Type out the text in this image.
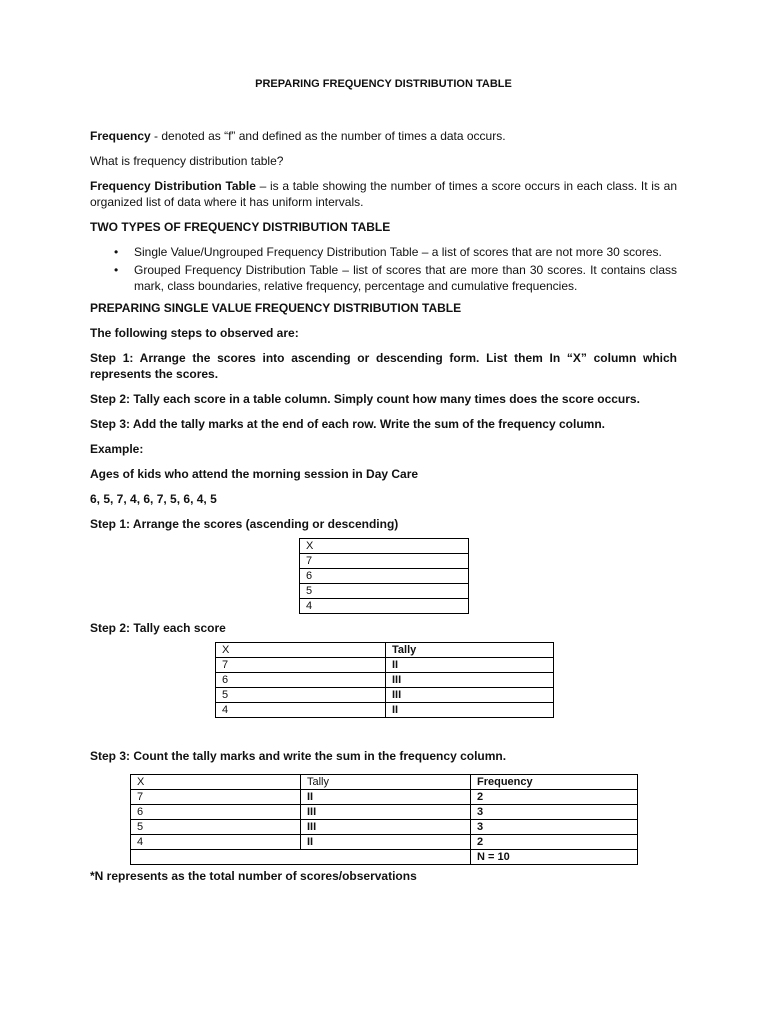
PREPARING FREQUENCY DISTRIBUTION TABLE

Frequency - denoted as “f” and defined as the number of times a data occurs.

What is frequency distribution table?

Frequency Distribution Table – is a table showing the number of times a score occurs in each class. It is an organized list of data where it has uniform intervals.

TWO TYPES OF FREQUENCY DISTRIBUTION TABLE

• Single Value/Ungrouped Frequency Distribution Table – a list of scores that are not more 30 scores.
• Grouped Frequency Distribution Table – list of scores that are more than 30 scores. It contains class mark, class boundaries, relative frequency, percentage and cumulative frequencies.

PREPARING SINGLE VALUE FREQUENCY DISTRIBUTION TABLE

The following steps to observed are:

Step 1: Arrange the scores into ascending or descending form. List them In “X” column which represents the scores.

Step 2: Tally each score in a table column. Simply count how many times does the score occurs.

Step 3: Add the tally marks at the end of each row. Write the sum of the frequency column.

Example:

Ages of kids who attend the morning session in Day Care

6, 5, 7, 4, 6, 7, 5, 6, 4, 5

Step 1: Arrange the scores (ascending or descending)

X
7
6
5
4

Step 2: Tally each score

X	Tally
7	II
6	III
5	III
4	II

Step 3: Count the tally marks and write the sum in the frequency column.

X	Tally	Frequency
7	II	2
6	III	3
5	III	3
4	II	2
		N = 10

*N represents as the total number of scores/observations
